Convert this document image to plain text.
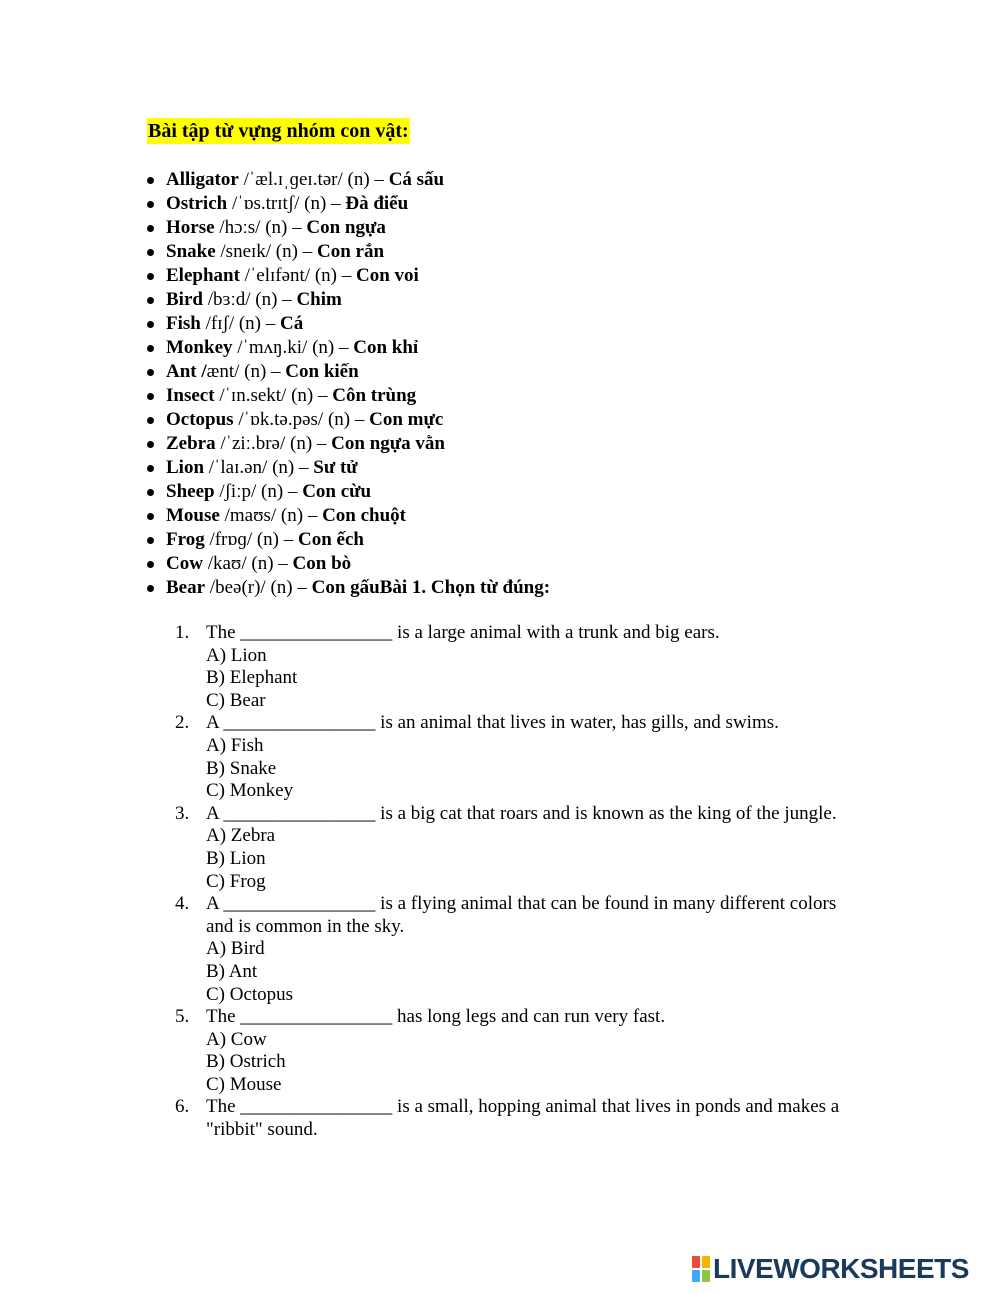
Bài tập từ vựng nhóm con vật:
Alligator /ˈæl.ɪˌɡeɪ.tər/ (n) – Cá sấu
Ostrich /ˈɒs.trɪtʃ/ (n) – Đà điểu
Horse /hɔːs/ (n) – Con ngựa
Snake /sneɪk/ (n) – Con rắn
Elephant /ˈelɪfənt/ (n) – Con voi
Bird /bɜːd/ (n) – Chim
Fish /fɪʃ/ (n) – Cá
Monkey /ˈmʌŋ.ki/ (n) – Con khỉ
Ant /ænt/ (n) – Con kiến
Insect /ˈɪn.sekt/ (n) – Côn trùng
Octopus /ˈɒk.tə.pəs/ (n) – Con mực
Zebra /ˈziː.brə/ (n) – Con ngựa vằn
Lion /ˈlaɪ.ən/ (n) – Sư tử
Sheep /ʃiːp/ (n) – Con cừu
Mouse /maʊs/ (n) – Con chuột
Frog /frɒɡ/ (n) – Con ếch
Cow /kaʊ/ (n) – Con bò
Bear /beə(r)/ (n) – Con gấuBài 1. Chọn từ đúng:
1. The ________________ is a large animal with a trunk and big ears.
A) Lion
B) Elephant
C) Bear
2. A ________________ is an animal that lives in water, has gills, and swims.
A) Fish
B) Snake
C) Monkey
3. A ________________ is a big cat that roars and is known as the king of the jungle.
A) Zebra
B) Lion
C) Frog
4. A ________________ is a flying animal that can be found in many different colors and is common in the sky.
A) Bird
B) Ant
C) Octopus
5. The ________________ has long legs and can run very fast.
A) Cow
B) Ostrich
C) Mouse
6. The ________________ is a small, hopping animal that lives in ponds and makes a "ribbit" sound.
LIVEWORKSHEETS
